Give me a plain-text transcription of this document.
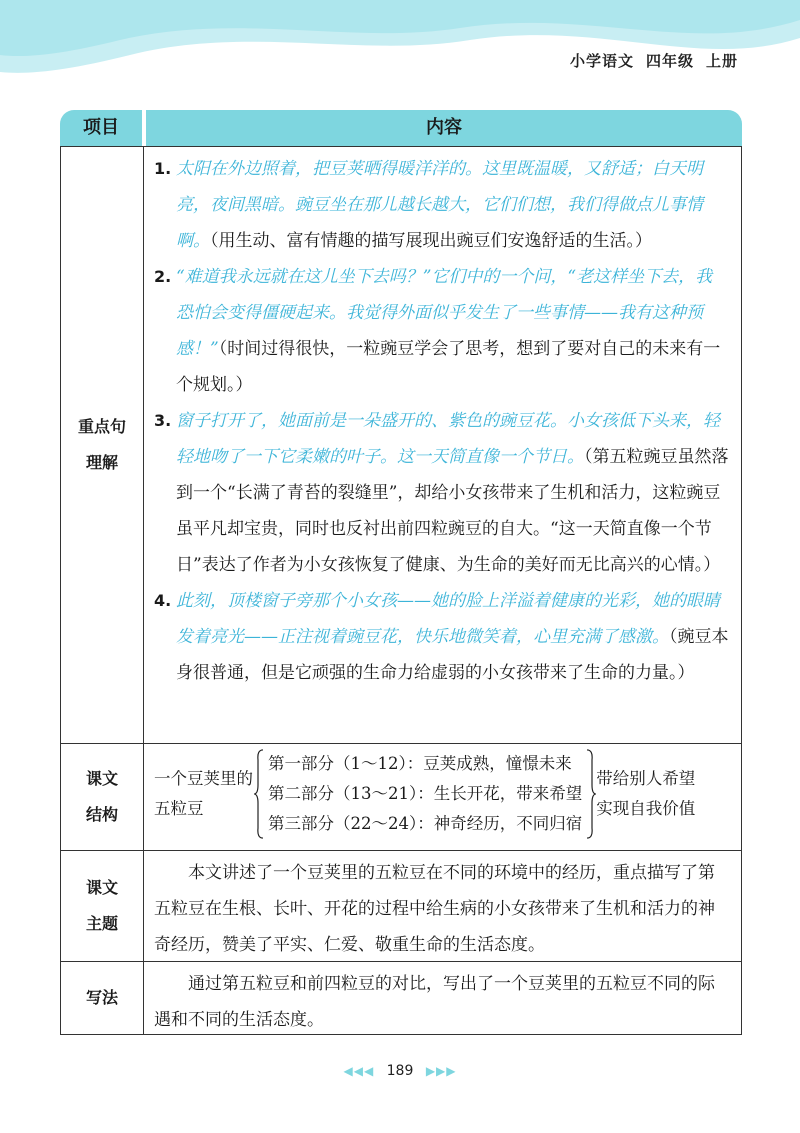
小学语文 四年级 上册
项目	内容
重点句
理解
1. 太阳在外边照着，把豆荚晒得暖洋洋的。这里既温暖，又舒适；白天明亮，夜间黑暗。豌豆坐在那儿越长越大，它们们想，我们得做点儿事情啊。（用生动、富有情趣的描写展现出豌豆们安逸舒适的生活。）
2. “难道我永远就在这儿坐下去吗？”它们中的一个问，“老这样坐下去，我恐怕会变得僵硬起来。我觉得外面似乎发生了一些事情——我有这种预感！”（时间过得很快，一粒豌豆学会了思考，想到了要对自己的未来有一个规划。）
3. 窗子打开了，她面前是一朵盛开的、紫色的豌豆花。小女孩低下头来，轻轻地吻了一下它柔嫩的叶子。这一天简直像一个节日。（第五粒豌豆虽然落到一个“长满了青苔的裂缝里”，却给小女孩带来了生机和活力，这粒豌豆虽平凡却宝贵，同时也反衬出前四粒豌豆的自大。“这一天简直像一个节日”表达了作者为小女孩恢复了健康、为生命的美好而无比高兴的心情。）
4. 此刻，顶楼窗子旁那个小女孩——她的脸上洋溢着健康的光彩，她的眼睛发着亮光——正注视着豌豆花，快乐地微笑着，心里充满了感激。（豌豆本身很普通，但是它顽强的生命力给虚弱的小女孩带来了生命的力量。）
课文
结构
一个豆荚里的
五粒豆
第一部分（1～12）：豆荚成熟，憧憬未来
第二部分（13～21）：生长开花，带来希望
第三部分（22～24）：神奇经历，不同归宿
带给别人希望
实现自我价值
课文
主题
本文讲述了一个豆荚里的五粒豆在不同的环境中的经历，重点描写了第五粒豆在生根、长叶、开花的过程中给生病的小女孩带来了生机和活力的神奇经历，赞美了平实、仁爱、敬重生命的生活态度。
写法
通过第五粒豆和前四粒豆的对比，写出了一个豆荚里的五粒豆不同的际遇和不同的生活态度。
◀◀◀ 189 ▶▶▶
